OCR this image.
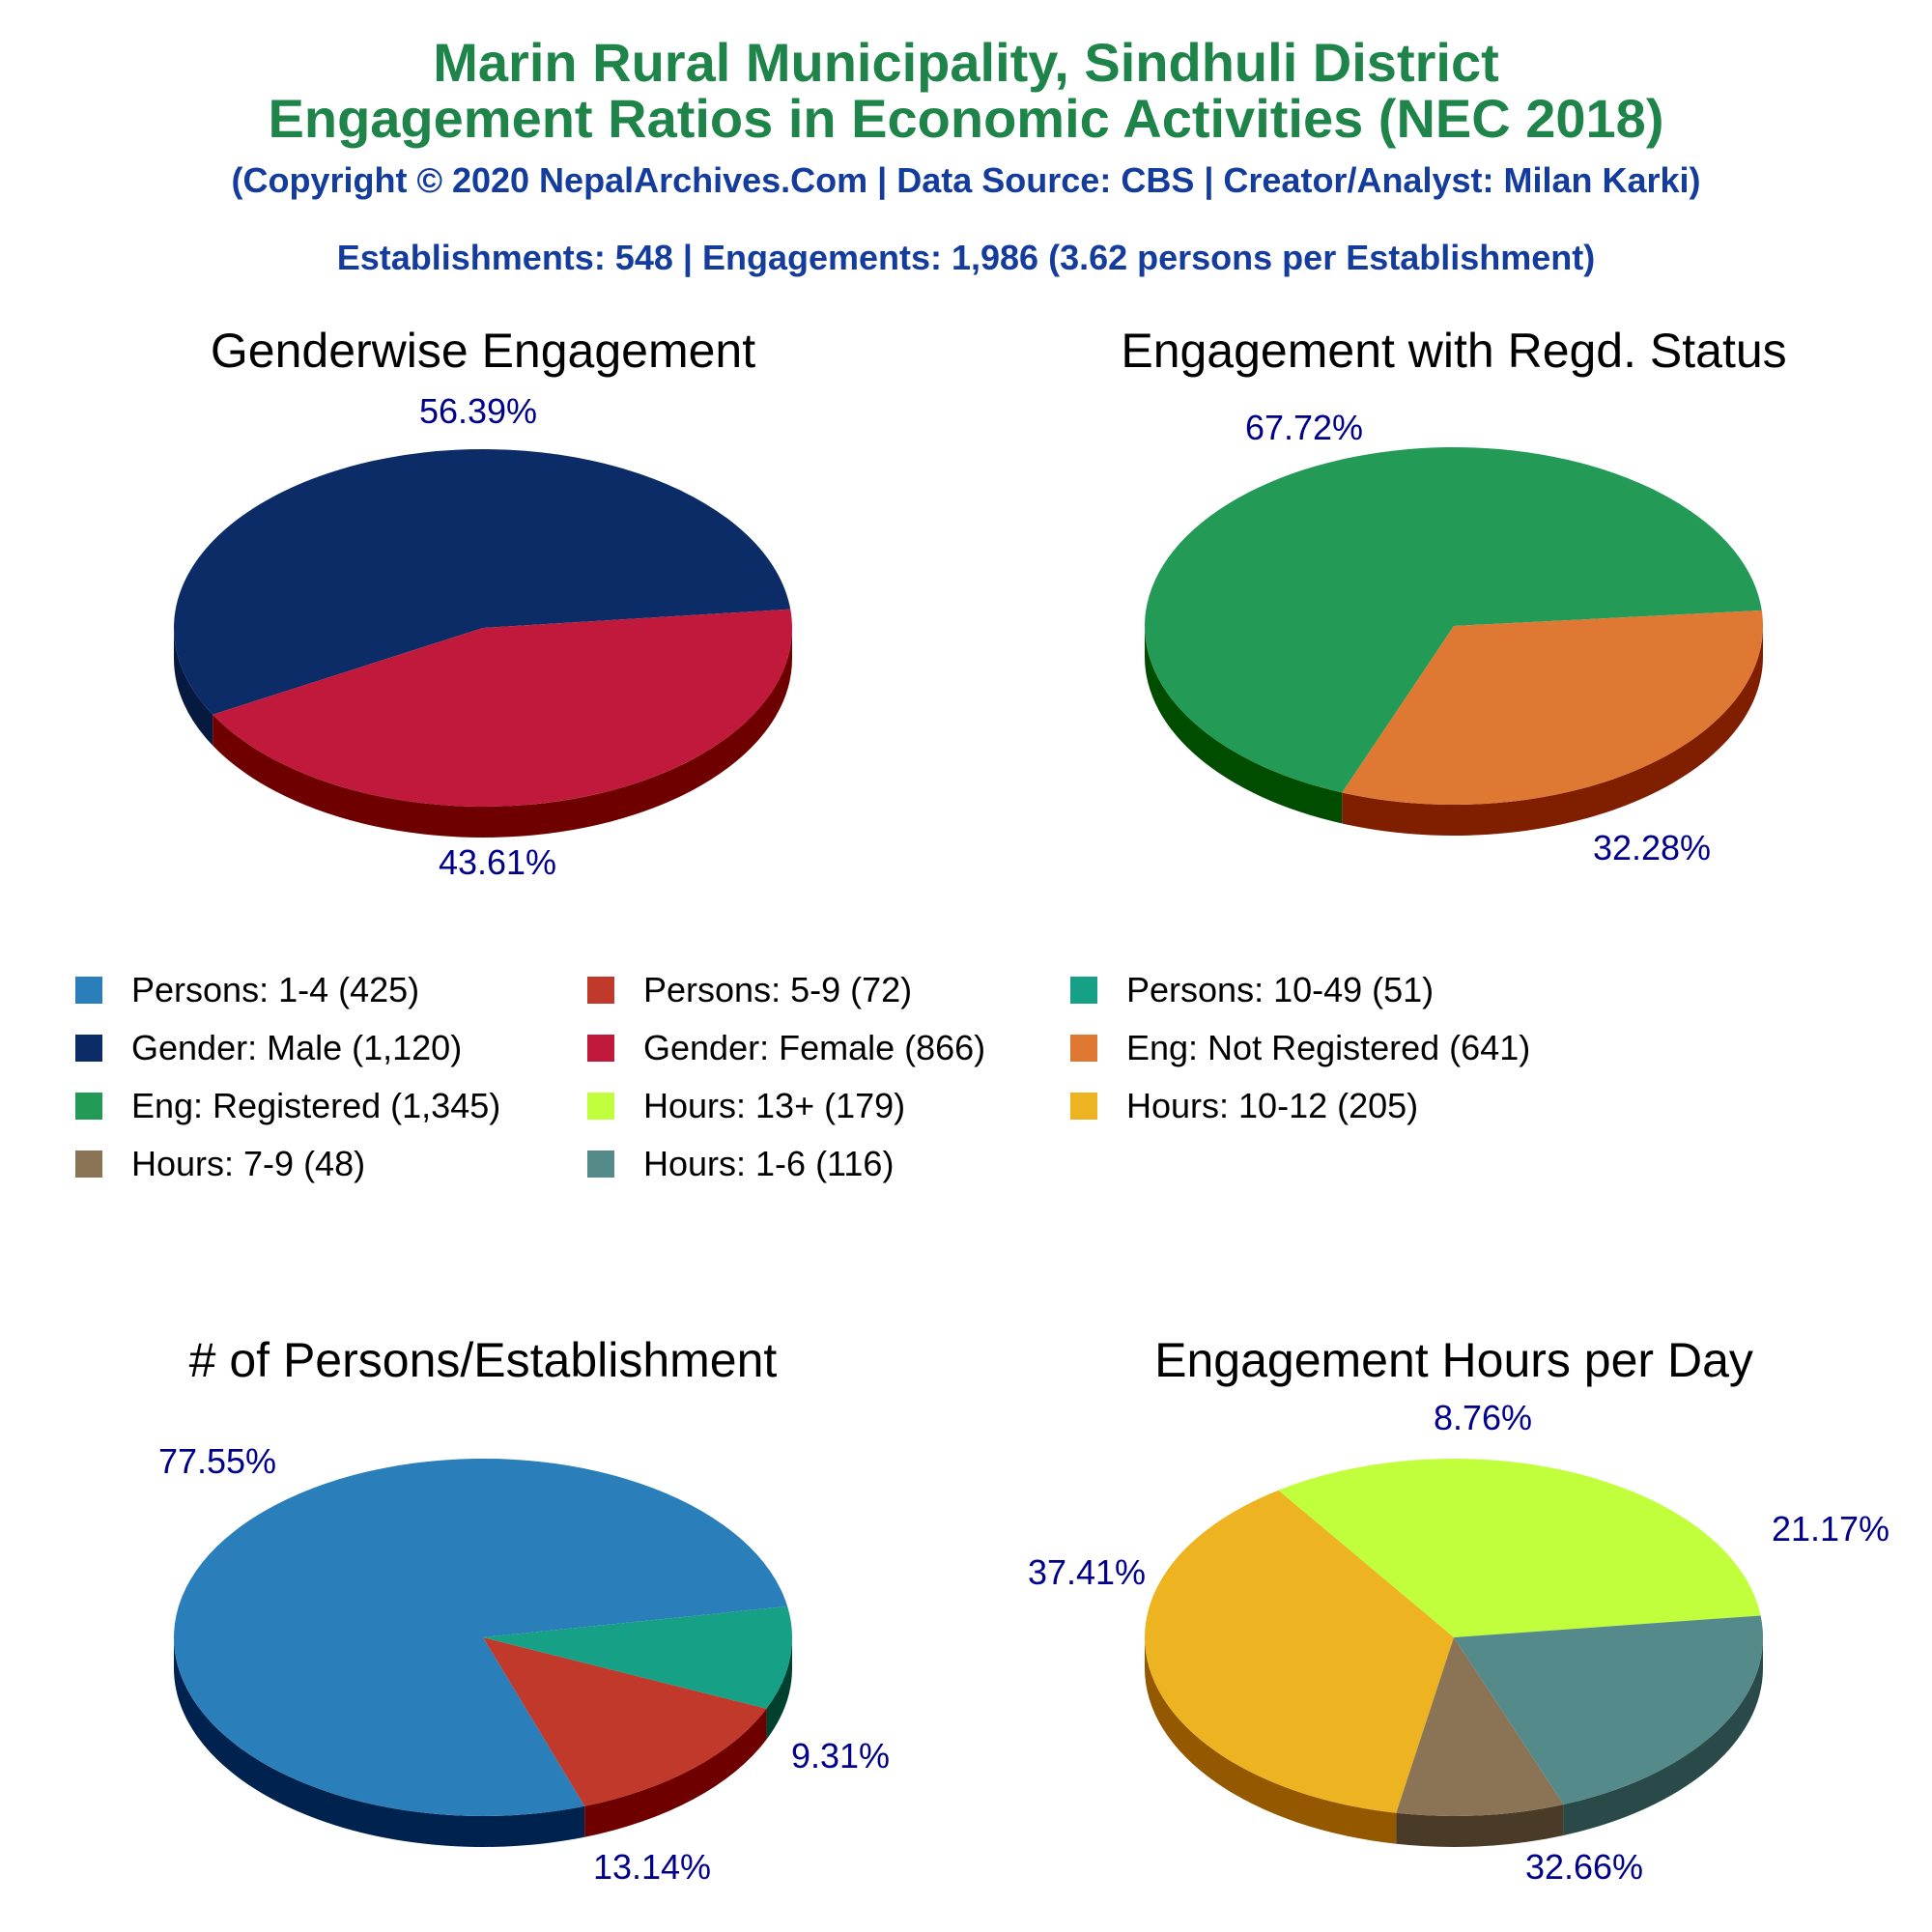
Marin Rural Municipality, Sindhuli District
Engagement Ratios in Economic Activities (NEC 2018)
(Copyright © 2020 NepalArchives.Com | Data Source: CBS | Creator/Analyst: Milan Karki)
Establishments: 548 | Engagements: 1,986 (3.62 persons per Establishment)
Genderwise Engagement
56.39%
43.61%
Engagement with Regd. Status
67.72%
32.28%
# of Persons/Establishment
77.55%
13.14%
9.31%
Engagement Hours per Day
32.66%
37.41%
8.76%
21.17%
Persons: 1-4 (425)	Persons: 5-9 (72)	Persons: 10-49 (51)
Gender: Male (1,120)	Gender: Female (866)	Eng: Not Registered (641)
Eng: Registered (1,345)	Hours: 13+ (179)	Hours: 10-12 (205)
Hours: 7-9 (48)	Hours: 1-6 (116)
